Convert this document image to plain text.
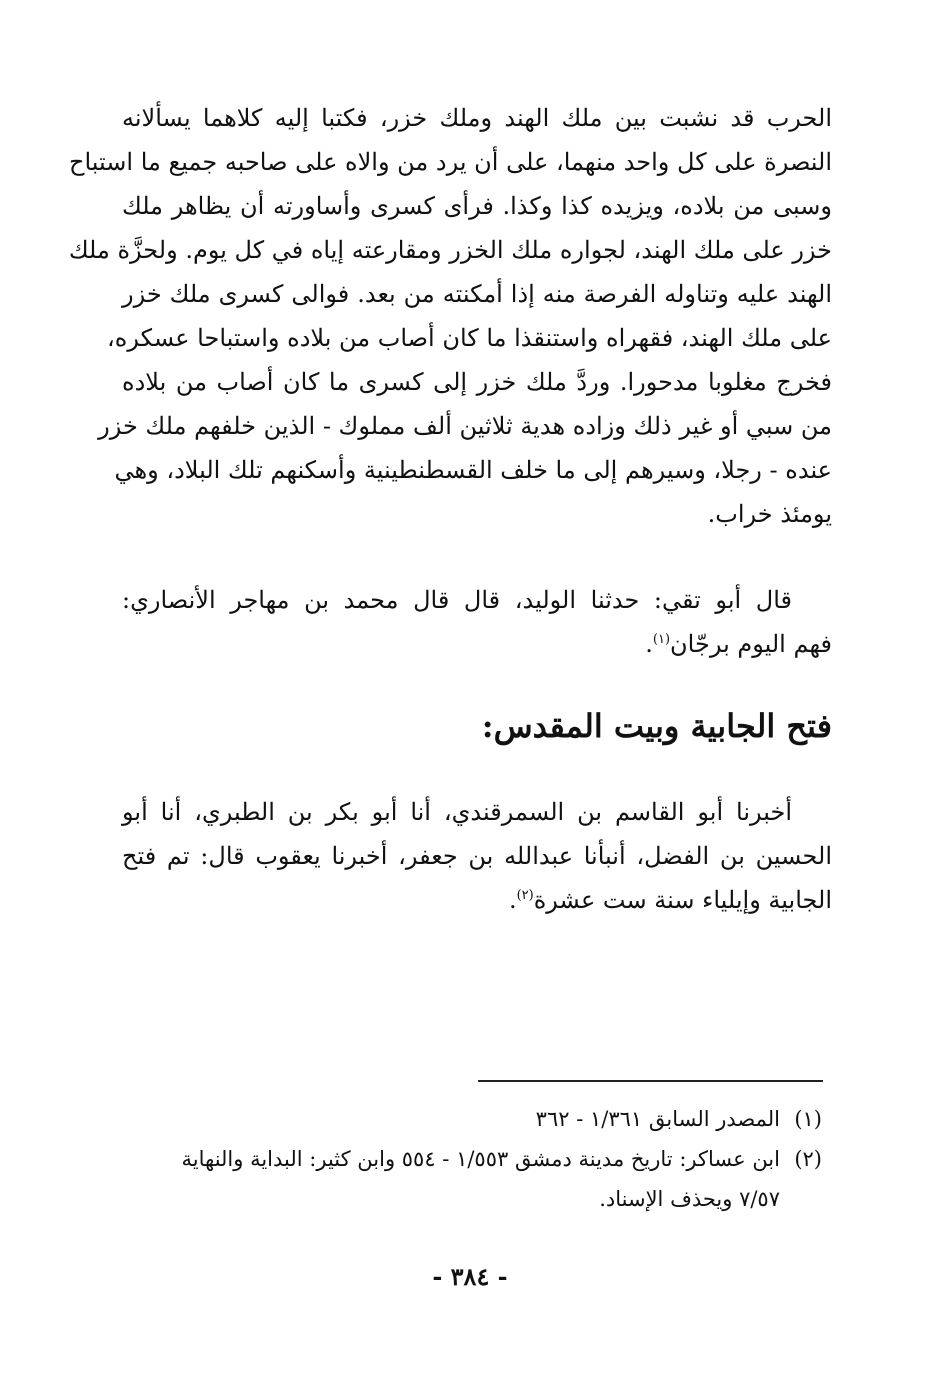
الحرب قد نشبت بين ملك الهند وملك خزر، فكتبا إليه كلاهما يسألانه
النصرة على كل واحد منهما، على أن يرد من والاه على صاحبه جميع ما استباح
وسبى من بلاده، ويزيده كذا وكذا. فرأى كسرى وأساورته أن يظاهر ملك
خزر على ملك الهند، لجواره ملك الخزر ومقارعته إياه في كل يوم. ولحزَّة ملك
الهند عليه وتناوله الفرصة منه إذا أمكنته من بعد. فوالى كسرى ملك خزر
على ملك الهند، فقهراه واستنقذا ما كان أصاب من بلاده واستباحا عسكره،
فخرج مغلوبا مدحورا. وردَّ ملك خزر إلى كسرى ما كان أصاب من بلاده
من سبي أو غير ذلك وزاده هدية ثلاثين ألف مملوك - الذين خلفهم ملك خزر
عنده - رجلا، وسيرهم إلى ما خلف القسطنطينية وأسكنهم تلك البلاد، وهي
يومئذ خراب.
قال أبو تقي: حدثنا الوليد، قال قال محمد بن مهاجر الأنصاري:
فهم اليوم برجّان$^{(١)}$.
فتح الجابية وبيت المقدس:
أخبرنا أبو القاسم بن السمرقندي، أنا أبو بكر بن الطبري، أنا أبو
الحسين بن الفضل، أنبأنا عبدالله بن جعفر، أخبرنا يعقوب قال: تم فتح
الجابية وإيلياء سنة ست عشرة$^{(٢)}$.
(١)المصدر السابق ١/٣٦١ - ٣٦٢
(٢)ابن عساكر: تاريخ مدينة دمشق ١/٥٥٣ - ٥٥٤ وابن كثير: البداية والنهاية
٧/٥٧ ويحذف الإسناد.
- ٣٨٤ -
